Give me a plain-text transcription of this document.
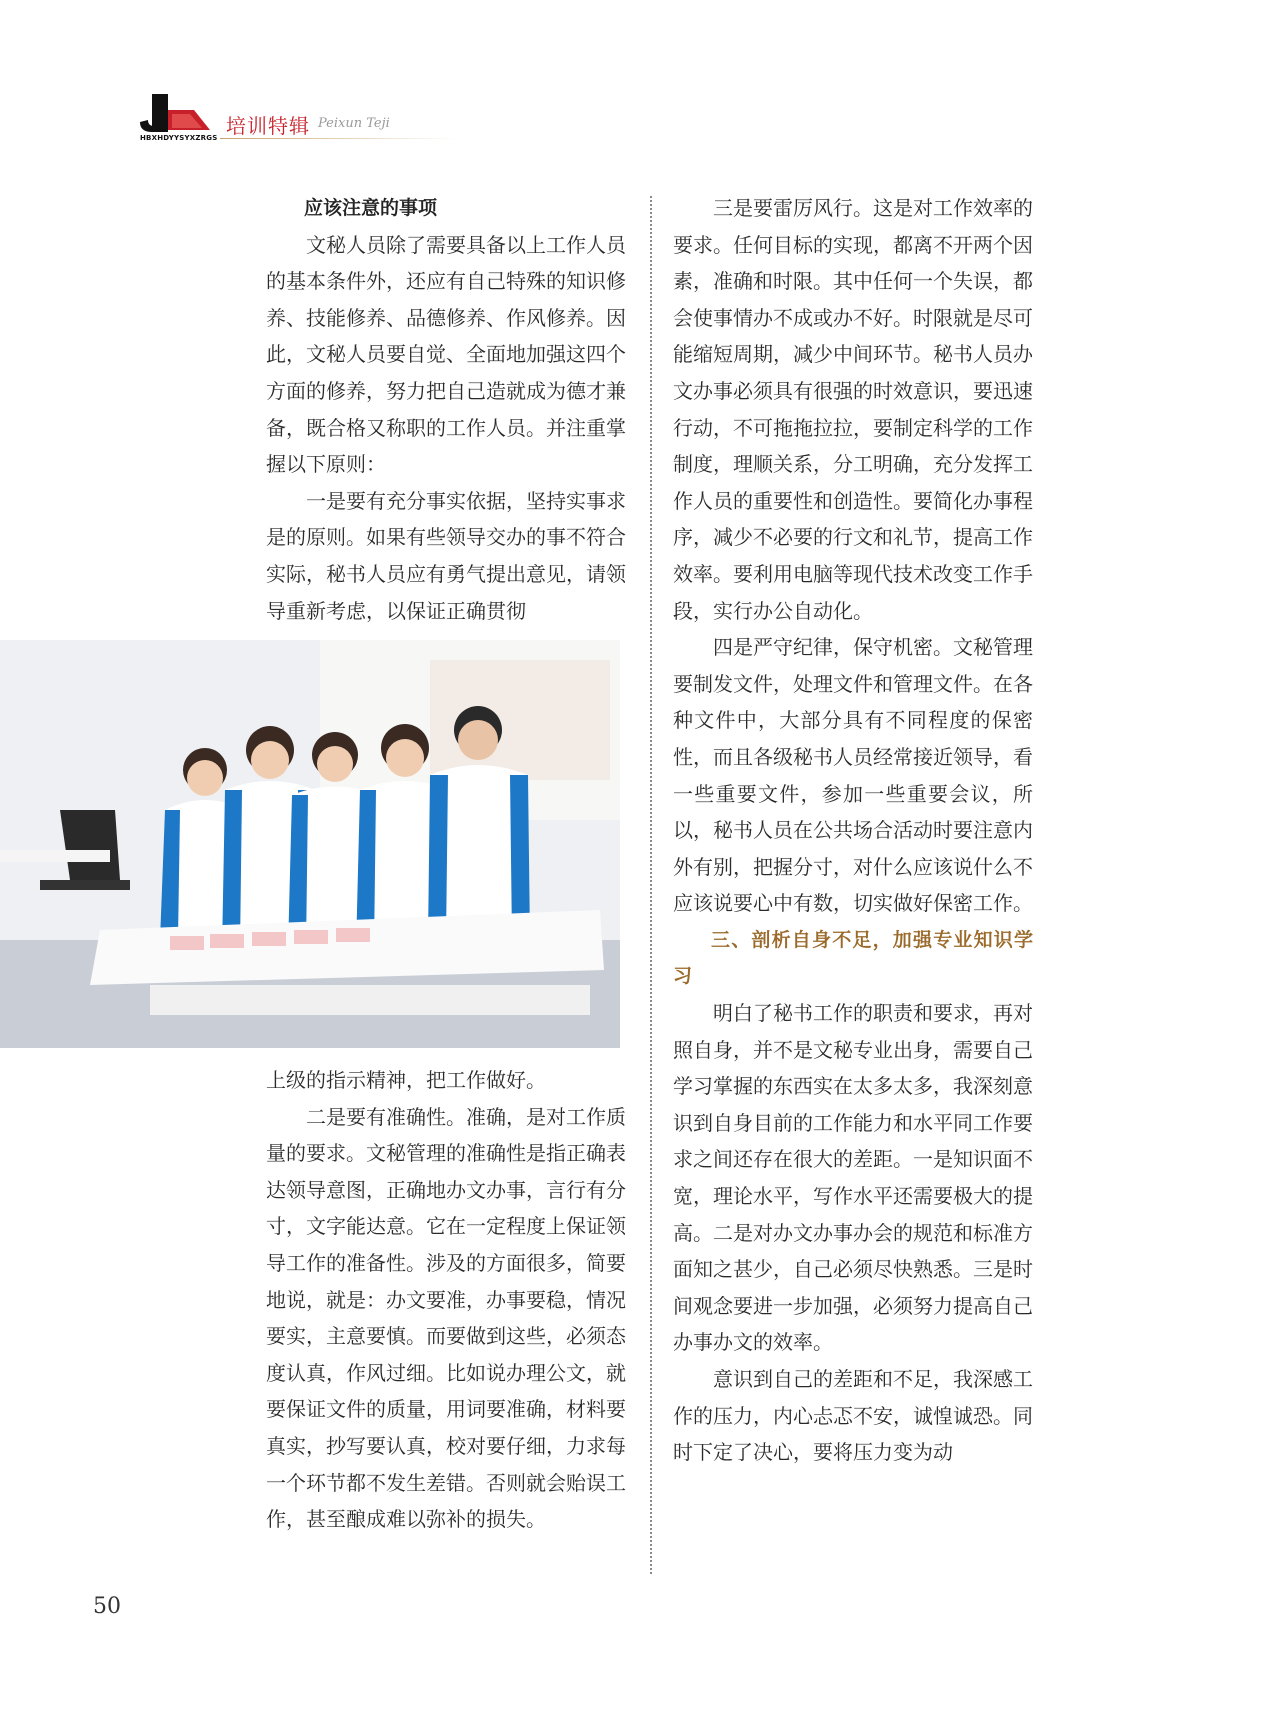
HBXHDYYSYXZRGS 培训特辑 Peixun Teji

应该注意的事项

文秘人员除了需要具备以上工作人员的基本条件外，还应有自己特殊的知识修养、技能修养、品德修养、作风修养。因此，文秘人员要自觉、全面地加强这四个方面的修养，努力把自己造就成为德才兼备，既合格又称职的工作人员。并注重掌握以下原则：

一是要有充分事实依据，坚持实事求是的原则。如果有些领导交办的事不符合实际，秘书人员应有勇气提出意见，请领导重新考虑，以保证正确贯彻

上级的指示精神，把工作做好。

二是要有准确性。准确，是对工作质量的要求。文秘管理的准确性是指正确表达领导意图，正确地办文办事，言行有分寸，文字能达意。它在一定程度上保证领导工作的准备性。涉及的方面很多，简要地说，就是：办文要准，办事要稳，情况要实，主意要慎。而要做到这些，必须态度认真，作风过细。比如说办理公文，就要保证文件的质量，用词要准确，材料要真实，抄写要认真，校对要仔细，力求每一个环节都不发生差错。否则就会贻误工作，甚至酿成难以弥补的损失。

三是要雷厉风行。这是对工作效率的要求。任何目标的实现，都离不开两个因素，准确和时限。其中任何一个失误，都会使事情办不成或办不好。时限就是尽可能缩短周期，减少中间环节。秘书人员办文办事必须具有很强的时效意识，要迅速行动，不可拖拖拉拉，要制定科学的工作制度，理顺关系，分工明确，充分发挥工作人员的重要性和创造性。要简化办事程序，减少不必要的行文和礼节，提高工作效率。要利用电脑等现代技术改变工作手段，实行办公自动化。

四是严守纪律，保守机密。文秘管理要制发文件，处理文件和管理文件。在各种文件中，大部分具有不同程度的保密性，而且各级秘书人员经常接近领导，看一些重要文件，参加一些重要会议，所以，秘书人员在公共场合活动时要注意内外有别，把握分寸，对什么应该说什么不应该说要心中有数，切实做好保密工作。

三、剖析自身不足，加强专业知识学习

明白了秘书工作的职责和要求，再对照自身，并不是文秘专业出身，需要自己学习掌握的东西实在太多太多，我深刻意识到自身目前的工作能力和水平同工作要求之间还存在很大的差距。一是知识面不宽，理论水平，写作水平还需要极大的提高。二是对办文办事办会的规范和标准方面知之甚少，自己必须尽快熟悉。三是时间观念要进一步加强，必须努力提高自己办事办文的效率。

意识到自己的差距和不足，我深感工作的压力，内心忐忑不安，诚惶诚恐。同时下定了决心，要将压力变为动

50
